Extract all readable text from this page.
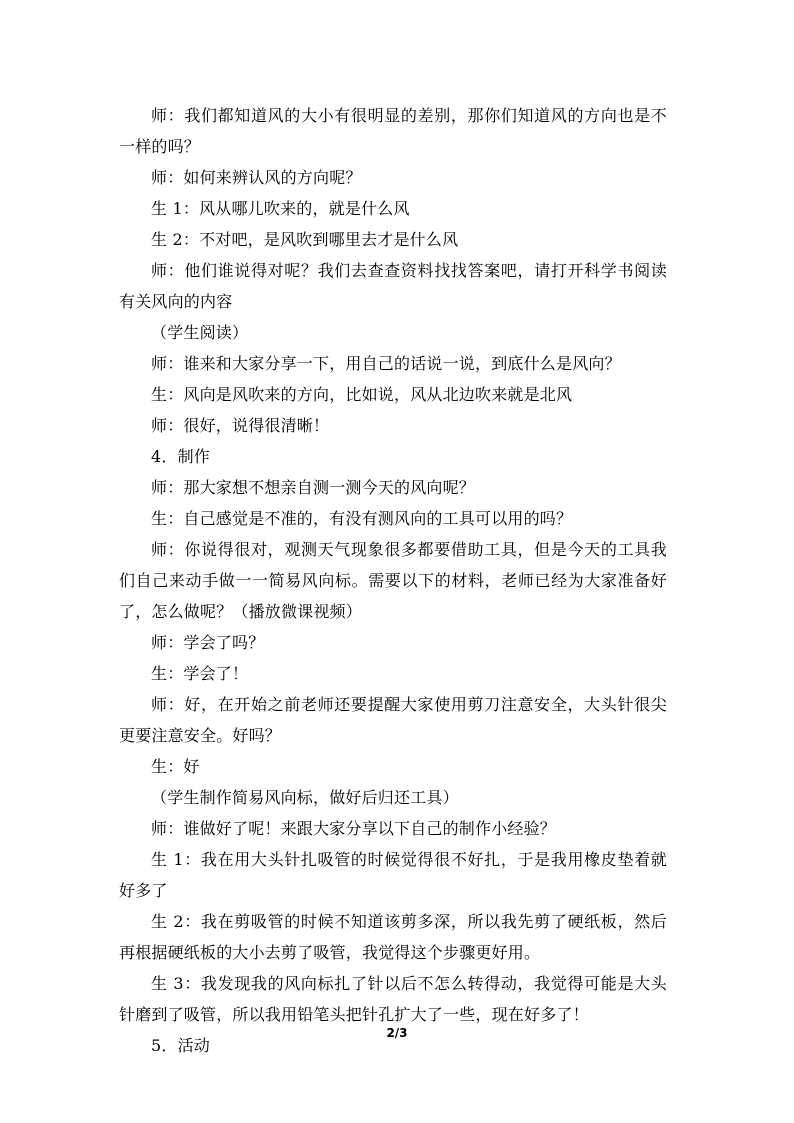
师：我们都知道风的大小有很明显的差别，那你们知道风的方向也是不一样的吗？

师：如何来辨认风的方向呢？

生 1：风从哪儿吹来的，就是什么风

生 2：不对吧，是风吹到哪里去才是什么风

师：他们谁说得对呢？我们去查查资料找找答案吧，请打开科学书阅读有关风向的内容

（学生阅读）

师：谁来和大家分享一下，用自己的话说一说，到底什么是风向？

生：风向是风吹来的方向，比如说，风从北边吹来就是北风

师：很好，说得很清晰！

4．制作

师：那大家想不想亲自测一测今天的风向呢？

生：自己感觉是不准的，有没有测风向的工具可以用的吗？

师：你说得很对，观测天气现象很多都要借助工具，但是今天的工具我们自己来动手做一一简易风向标。需要以下的材料，老师已经为大家准备好了，怎么做呢？（播放微课视频）

师：学会了吗？

生：学会了！

师：好，在开始之前老师还要提醒大家使用剪刀注意安全，大头针很尖更要注意安全。好吗？

生：好

（学生制作简易风向标，做好后归还工具）

师：谁做好了呢！来跟大家分享以下自己的制作小经验？

生 1：我在用大头针扎吸管的时候觉得很不好扎，于是我用橡皮垫着就好多了

生 2：我在剪吸管的时候不知道该剪多深，所以我先剪了硬纸板，然后再根据硬纸板的大小去剪了吸管，我觉得这个步骤更好用。

生 3：我发现我的风向标扎了针以后不怎么转得动，我觉得可能是大头针磨到了吸管，所以我用铅笔头把针孔扩大了一些，现在好多了！

5．活动

2/3
